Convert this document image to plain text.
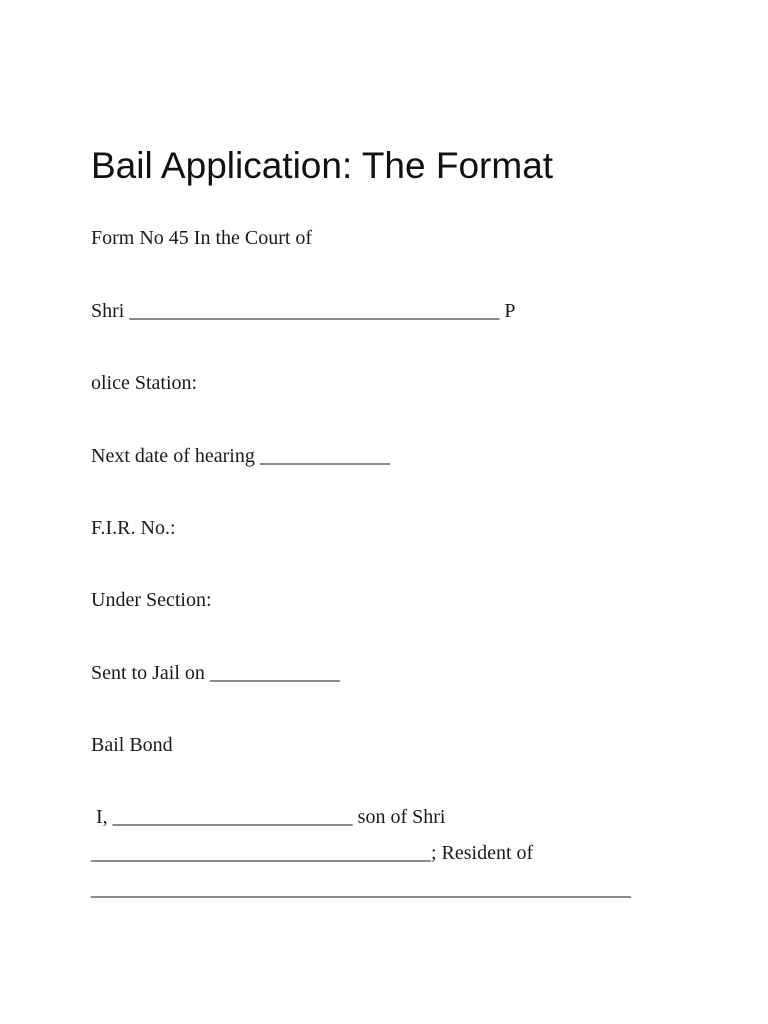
Bail Application: The Format

Form No 45 In the Court of

Shri _____________________________________ P

olice Station:

Next date of hearing _____________

F.I.R. No.:

Under Section:

Sent to Jail on _____________

Bail Bond

I, ________________________ son of Shri

__________________________________; Resident of

______________________________________________________
